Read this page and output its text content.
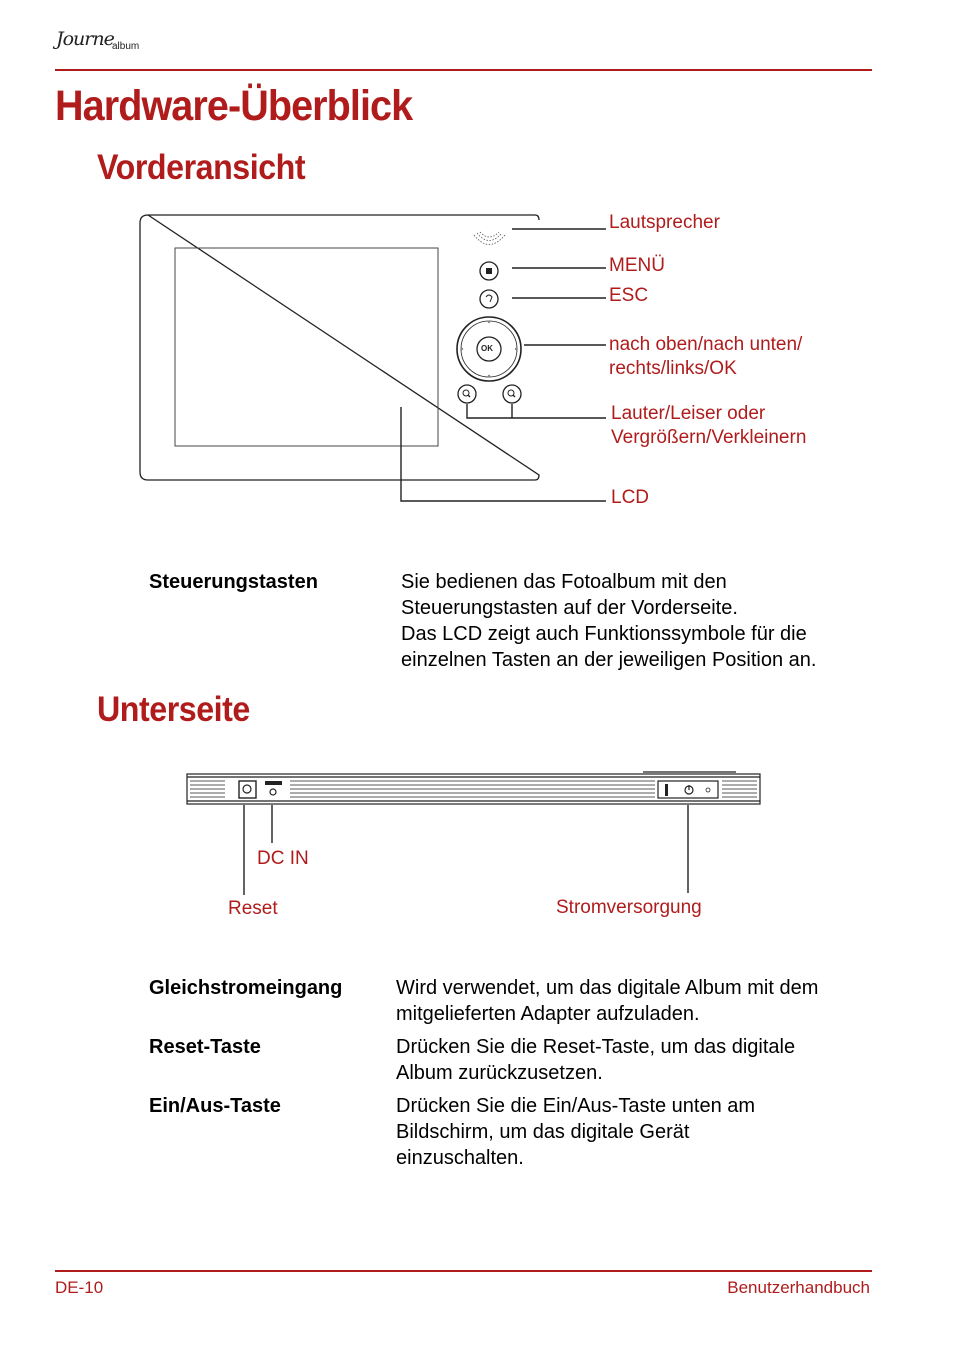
Journe
album
Hardware-Überblick
Vorderansicht
OK
Lautsprecher
MENÜ
ESC
nach oben/nach unten/
rechts/links/OK
Lauter/Leiser oder
Vergrößern/Verkleinern
LCD
Steuerungstasten	Sie bedienen das Fotoalbum mit den
Steuerungstasten auf der Vorderseite.
Das LCD zeigt auch Funktionssymbole für die
einzelnen Tasten an der jeweiligen Position an.
Unterseite
DC IN
Reset	Stromversorgung
Gleichstromeingang	Wird verwendet, um das digitale Album mit dem
mitgelieferten Adapter aufzuladen.
Reset-Taste	Drücken Sie die Reset-Taste, um das digitale
Album zurückzusetzen.
Ein/Aus-Taste	Drücken Sie die Ein/Aus-Taste unten am
Bildschirm, um das digitale Gerät
einzuschalten.
DE-10	Benutzerhandbuch
